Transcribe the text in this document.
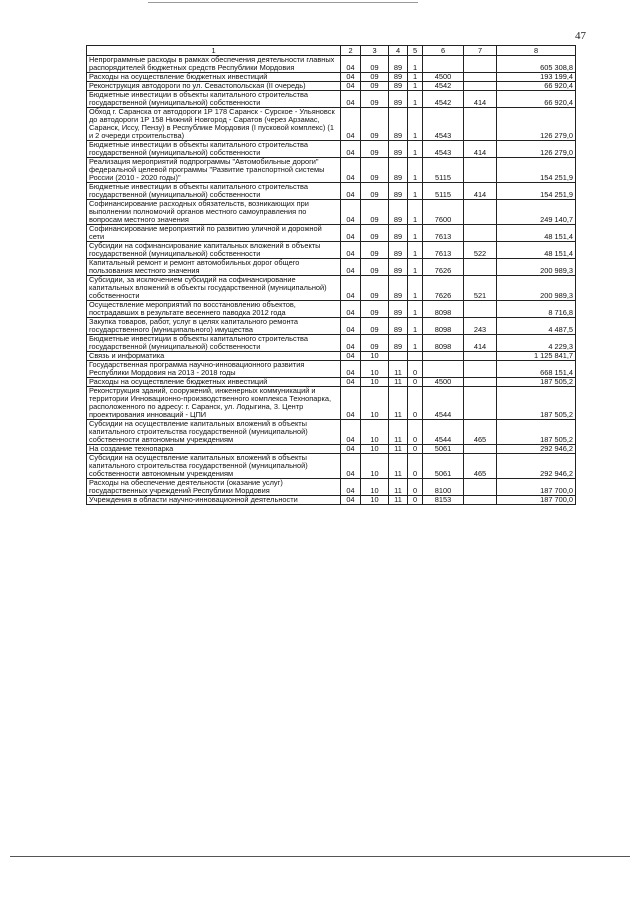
47
1	2	3	4	5	6	7	8
Непрограммные расходы в рамках обеспечения деятельности главных распорядителей бюджетных средств Республики Мордовия	04	09	89	1			605 308,8
Расходы на осуществление бюджетных инвестиций	04	09	89	1	4500		193 199,4
Реконструкция автодороги по ул. Севастопольская (II очередь)	04	09	89	1	4542		66 920,4
Бюджетные инвестиции в объекты капитального строительства государственной (муниципальной) собственности	04	09	89	1	4542	414	66 920,4
Обход г. Саранска от автодороги 1Р 178 Саранск - Сурское - Ульяновск до автодороги 1Р 158 Нижний Новгород - Саратов (через Арзамас, Саранск, Иссу, Пензу) в Республике Мордовия (I пусковой комплекс) (1 и 2 очереди строительства)	04	09	89	1	4543		126 279,0
Бюджетные инвестиции в объекты капитального строительства государственной (муниципальной) собственности	04	09	89	1	4543	414	126 279,0
Реализация мероприятий подпрограммы "Автомобильные дороги" федеральной целевой программы "Развитие транспортной системы России (2010 - 2020 годы)"	04	09	89	1	5115		154 251,9
Бюджетные инвестиции в объекты капитального строительства государственной (муниципальной) собственности	04	09	89	1	5115	414	154 251,9
Софинансирование расходных обязательств, возникающих при выполнении полномочий органов местного самоуправления по вопросам местного значения	04	09	89	1	7600		249 140,7
Софинансирование мероприятий по развитию уличной и дорожной сети	04	09	89	1	7613		48 151,4
Субсидии на софинансирование капитальных вложений в объекты государственной (муниципальной) собственности	04	09	89	1	7613	522	48 151,4
Капитальный ремонт и ремонт автомобильных дорог общего пользования местного значения	04	09	89	1	7626		200 989,3
Субсидии, за исключением субсидий на софинансирование капитальных вложений в объекты государственной (муниципальной) собственности	04	09	89	1	7626	521	200 989,3
Осуществление мероприятий по восстановлению объектов, пострадавших в результате весеннего паводка 2012 года	04	09	89	1	8098		8 716,8
Закупка товаров, работ, услуг в целях капитального ремонта государственного (муниципального) имущества	04	09	89	1	8098	243	4 487,5
Бюджетные инвестиции в объекты капитального строительства государственной (муниципальной) собственности	04	09	89	1	8098	414	4 229,3
Связь и информатика	04	10					1 125 841,7
Государственная программа научно-инновационного развития Республики Мордовия на 2013 - 2018 годы	04	10	11	0			668 151,4
Расходы на осуществление бюджетных инвестиций	04	10	11	0	4500		187 505,2
Реконструкция зданий, сооружений, инженерных коммуникаций и территории Инновационно-производственного комплекса Технопарка, расположенного по адресу: г. Саранск, ул. Лодыгина, 3. Центр проектирования инноваций - ЦПИ	04	10	11	0	4544		187 505,2
Субсидии на осуществление капитальных вложений в объекты капитального строительства государственной (муниципальной) собственности автономным учреждениям	04	10	11	0	4544	465	187 505,2
На создание технопарка	04	10	11	0	5061		292 946,2
Субсидии на осуществление капитальных вложений в объекты капитального строительства государственной (муниципальной) собственности автономным учреждениям	04	10	11	0	5061	465	292 946,2
Расходы на обеспечение деятельности (оказание услуг) государственных учреждений Республики Мордовия	04	10	11	0	8100		187 700,0
Учреждения в области научно-инновационной деятельности	04	10	11	0	8153		187 700,0
